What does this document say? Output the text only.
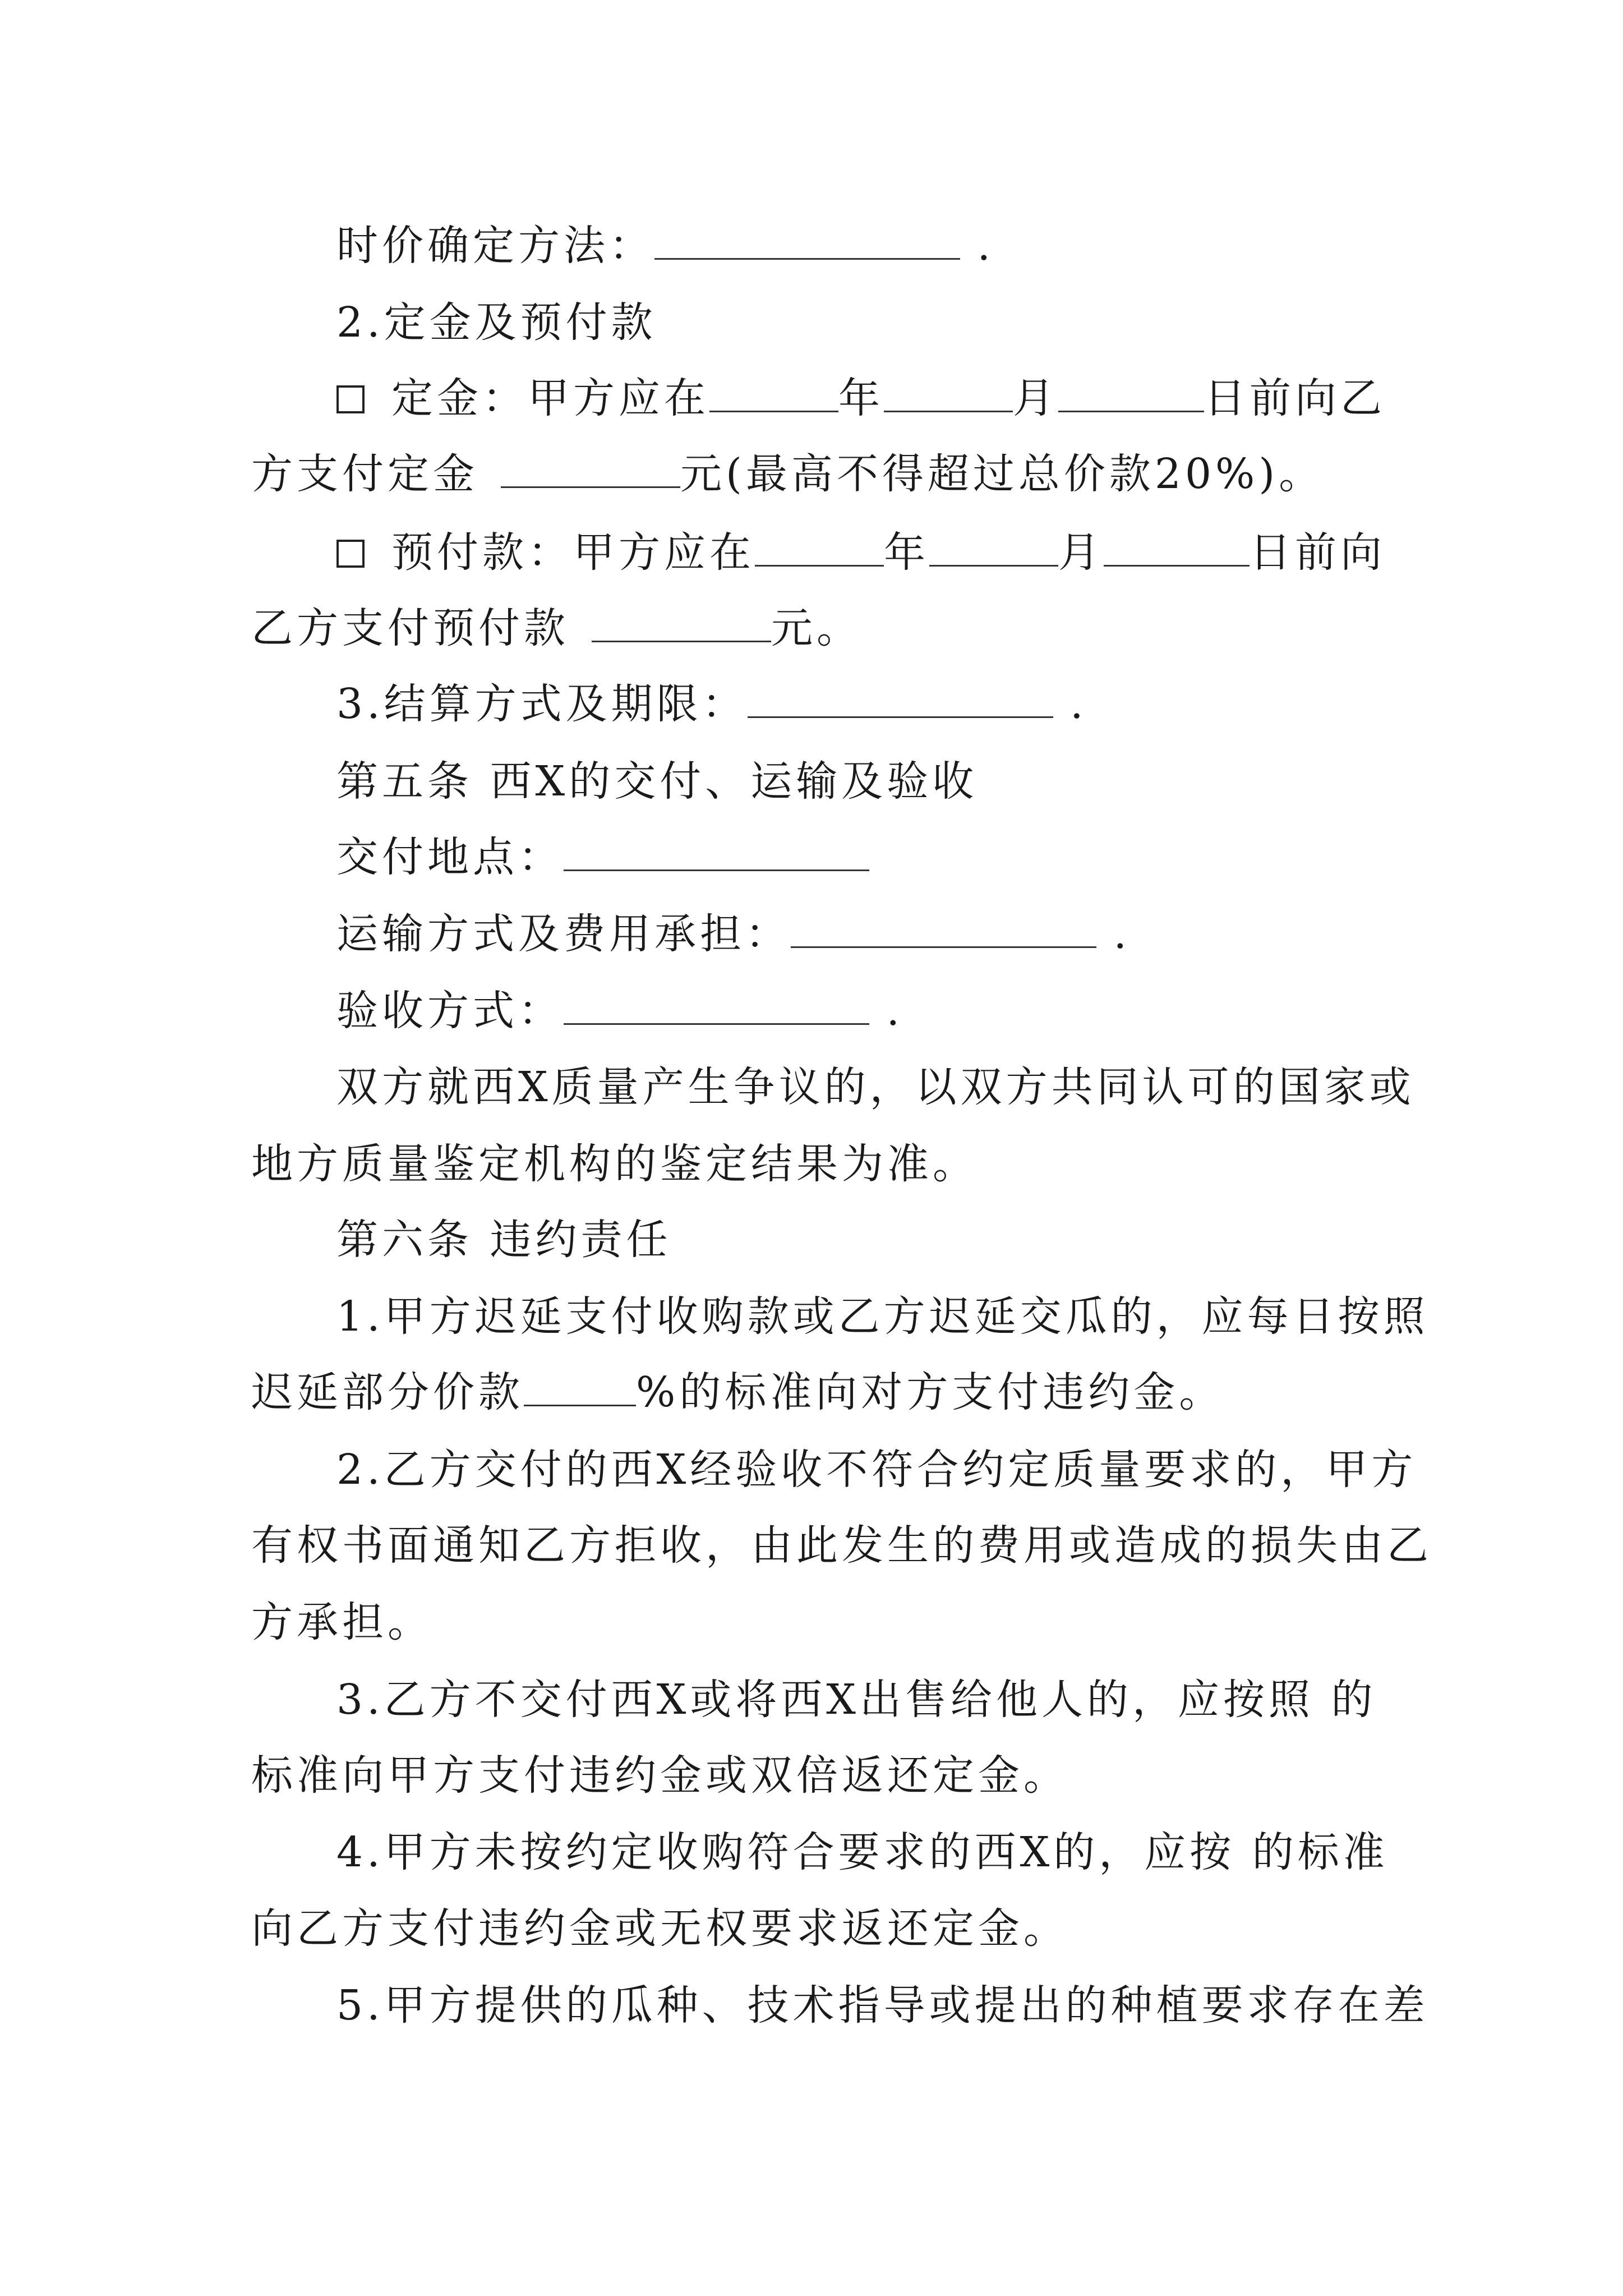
时价确定方法：	.
2.定金及预付款
定金：甲方应在	年	月	日前向乙
方支付定金	元(最高不得超过总价款20%)。
预付款：甲方应在	年	月	日前向
乙方支付预付款	元。
3.结算方式及期限：	.
第五条 西X的交付、运输及验收
交付地点：
运输方式及费用承担：	.
验收方式：	.
双方就西X质量产生争议的，以双方共同认可的国家或
地方质量鉴定机构的鉴定结果为准。
第六条 违约责任
1.甲方迟延支付收购款或乙方迟延交瓜的，应每日按照
迟延部分价款	%的标准向对方支付违约金。
2.乙方交付的西X经验收不符合约定质量要求的，甲方
有权书面通知乙方拒收，由此发生的费用或造成的损失由乙
方承担。
3.乙方不交付西X或将西X出售给他人的，应按照 的
标准向甲方支付违约金或双倍返还定金。
4.甲方未按约定收购符合要求的西X的，应按 的标准
向乙方支付违约金或无权要求返还定金。
5.甲方提供的瓜种、技术指导或提出的种植要求存在差
